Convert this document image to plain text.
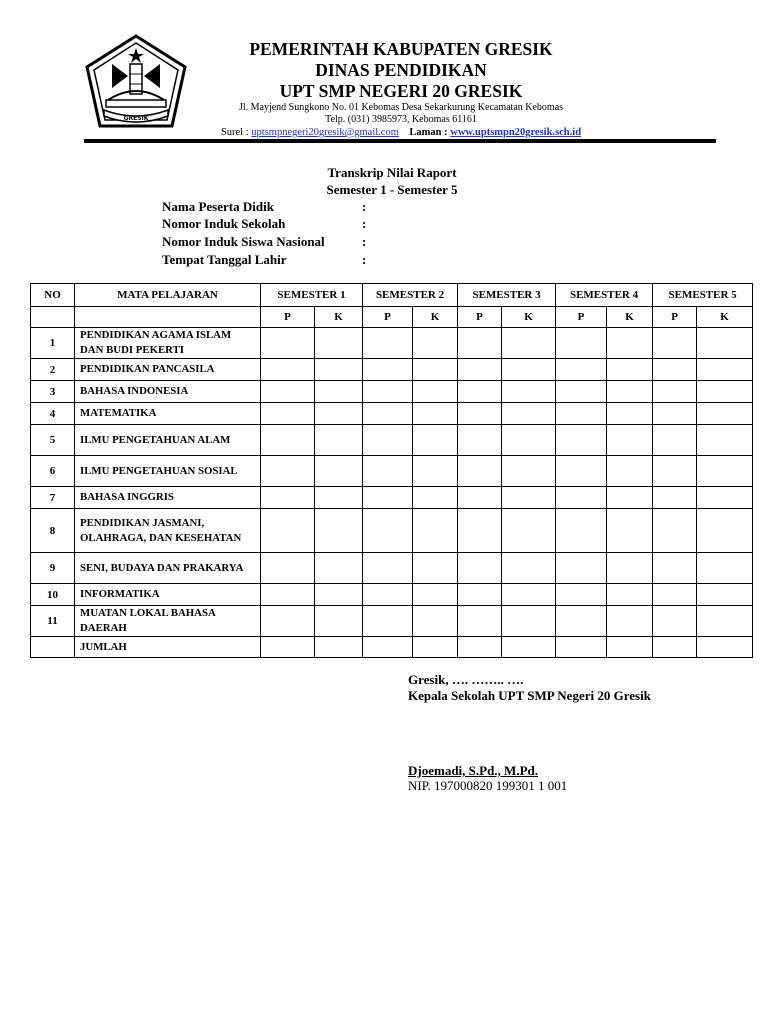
GRESIK
PEMERINTAH KABUPATEN GRESIK
DINAS PENDIDIKAN
UPT SMP NEGERI 20 GRESIK
Jl. Mayjend Sungkono No. 01 Kebomas Desa Sekarkurung Kecamatan Kebomas
Telp. (031) 3985973, Kebomas 61161
Surel : uptsmpnegeri20gresik@gmail.com Laman : www.uptsmpn20gresik.sch.id
Transkrip Nilai Raport
Semester 1 - Semester 5
Nama Peserta Didik	:
Nomor Induk Sekolah	:
Nomor Induk Siswa Nasional	:
Tempat Tanggal Lahir	:
NO	MATA PELAJARAN	SEMESTER 1		SEMESTER 2		SEMESTER 3		SEMESTER 4		SEMESTER 5	
		P	K	P	K	P	K	P	K	P	K
1	PENDIDIKAN AGAMA ISLAM DAN BUDI PEKERTI										
2	PENDIDIKAN PANCASILA										
3	BAHASA INDONESIA										
4	MATEMATIKA										
5	ILMU PENGETAHUAN ALAM										
6	ILMU PENGETAHUAN SOSIAL										
7	BAHASA INGGRIS										
8	PENDIDIKAN JASMANI, OLAHRAGA, DAN KESEHATAN										
9	SENI, BUDAYA DAN PRAKARYA										
10	INFORMATIKA										
11	MUATAN LOKAL BAHASA DAERAH										
	JUMLAH										
Gresik, …. …….. ….
Kepala Sekolah UPT SMP Negeri 20 Gresik
Djoemadi, S.Pd., M.Pd.
NIP. 197000820 199301 1 001
